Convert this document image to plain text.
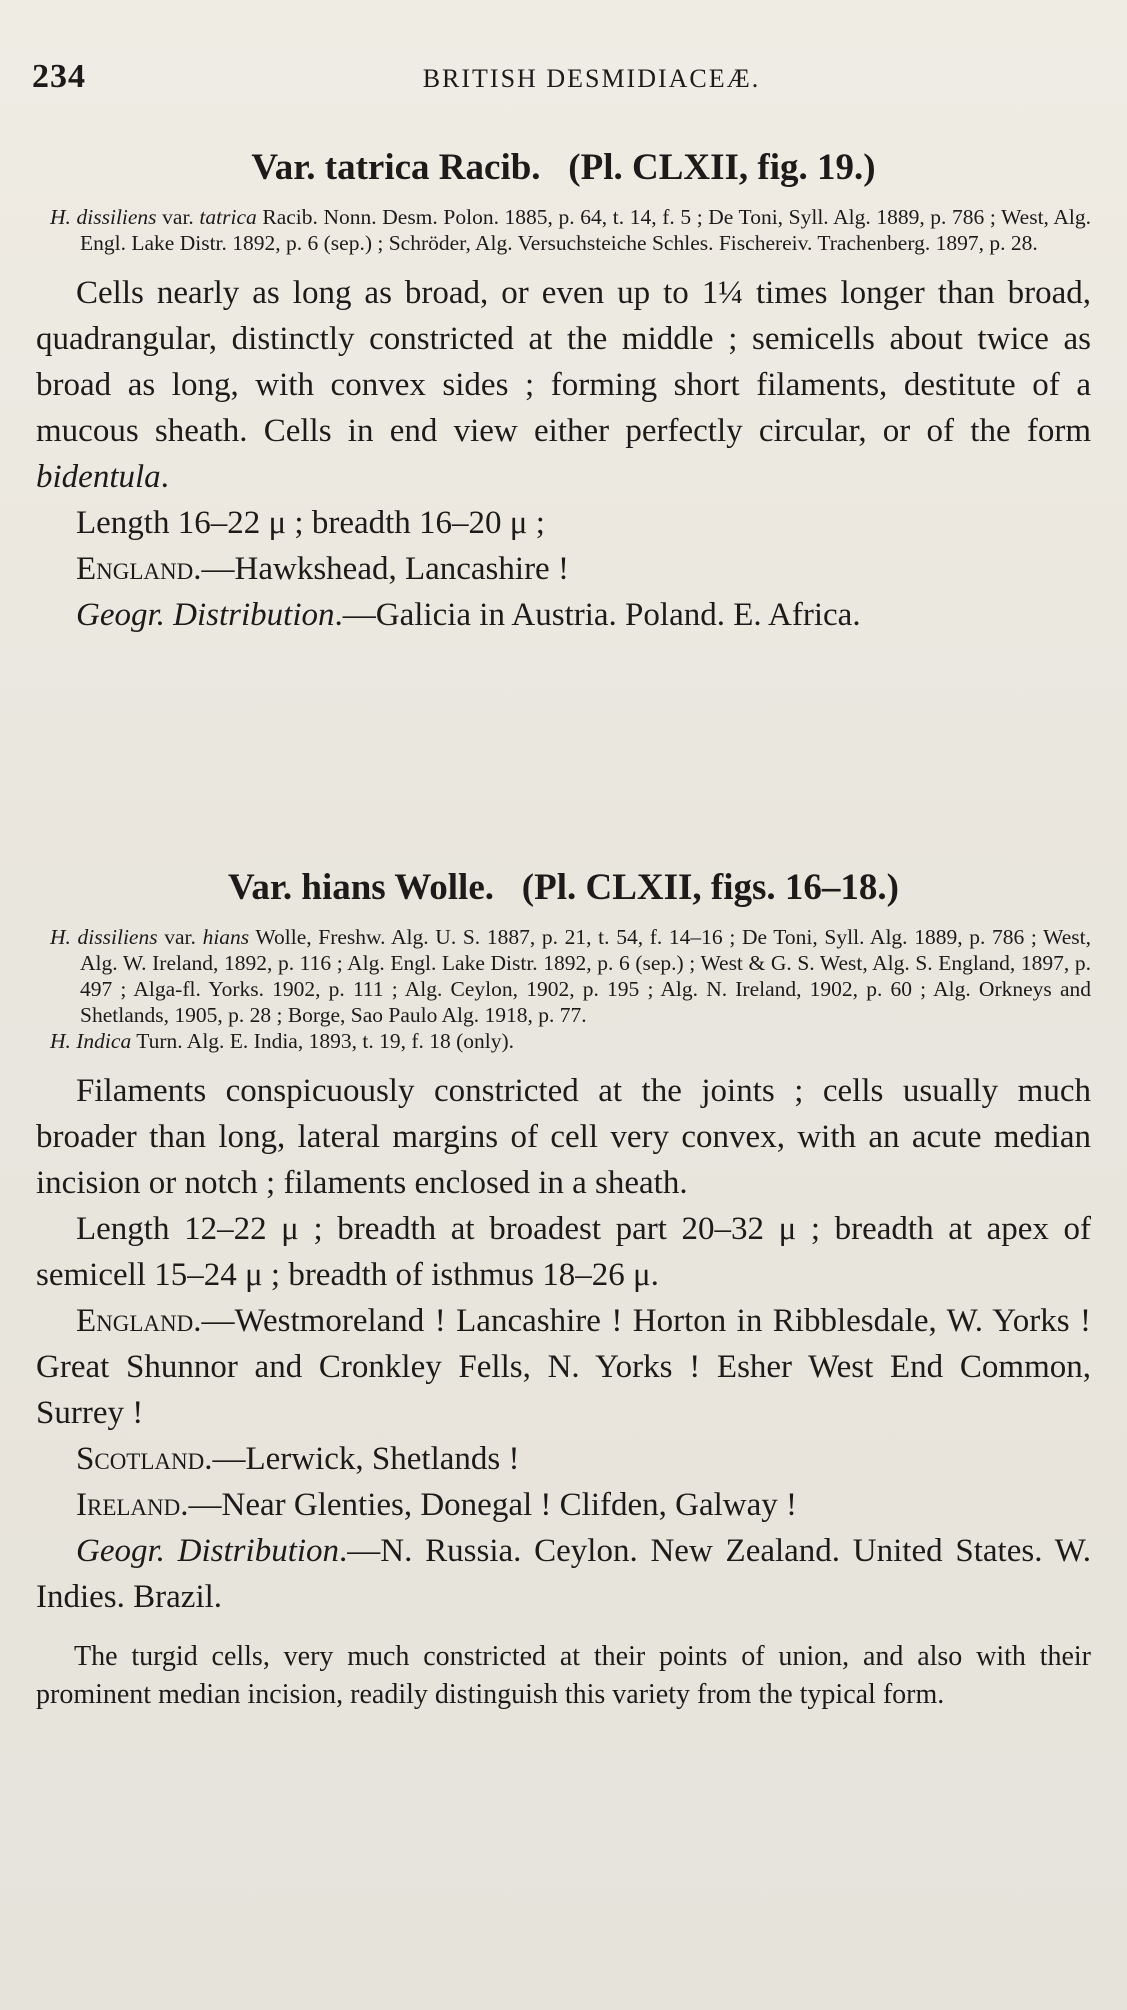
234	BRITISH DESMIDIACEÆ.
Var. tatrica Racib. (Pl. CLXII, fig. 19.)

H. dissiliens var. tatrica Racib. Nonn. Desm. Polon. 1885, p. 64, t. 14, f. 5 ; De Toni, Syll. Alg. 1889, p. 786 ; West, Alg. Engl. Lake Distr. 1892, p. 6 (sep.) ; Schröder, Alg. Versuchsteiche Schles. Fischereiv. Trachenberg. 1897, p. 28.

Cells nearly as long as broad, or even up to 1¼ times longer than broad, quadrangular, distinctly constricted at the middle ; semicells about twice as broad as long, with convex sides ; forming short filaments, destitute of a mucous sheath. Cells in end view either perfectly circular, or of the form bidentula.

Length 16–22 μ ; breadth 16–20 μ ;

England.—Hawkshead, Lancashire !

Geogr. Distribution.—Galicia in Austria. Poland. E. Africa.

Var. hians Wolle. (Pl. CLXII, figs. 16–18.)

H. dissiliens var. hians Wolle, Freshw. Alg. U. S. 1887, p. 21, t. 54, f. 14–16 ; De Toni, Syll. Alg. 1889, p. 786 ; West, Alg. W. Ireland, 1892, p. 116 ; Alg. Engl. Lake Distr. 1892, p. 6 (sep.) ; West & G. S. West, Alg. S. England, 1897, p. 497 ; Alga-fl. Yorks. 1902, p. 111 ; Alg. Ceylon, 1902, p. 195 ; Alg. N. Ireland, 1902, p. 60 ; Alg. Orkneys and Shetlands, 1905, p. 28 ; Borge, Sao Paulo Alg. 1918, p. 77.

H. Indica Turn. Alg. E. India, 1893, t. 19, f. 18 (only).

Filaments conspicuously constricted at the joints ; cells usually much broader than long, lateral margins of cell very convex, with an acute median incision or notch ; filaments enclosed in a sheath.

Length 12–22 μ ; breadth at broadest part 20–32 μ ; breadth at apex of semicell 15–24 μ ; breadth of isthmus 18–26 μ.

England.—Westmoreland ! Lancashire ! Horton in Ribblesdale, W. Yorks ! Great Shunnor and Cronkley Fells, N. Yorks ! Esher West End Common, Surrey !

Scotland.—Lerwick, Shetlands !

Ireland.—Near Glenties, Donegal ! Clifden, Galway !

Geogr. Distribution.—N. Russia. Ceylon. New Zealand. United States. W. Indies. Brazil.

The turgid cells, very much constricted at their points of union, and also with their prominent median incision, readily distinguish this variety from the typical form.
